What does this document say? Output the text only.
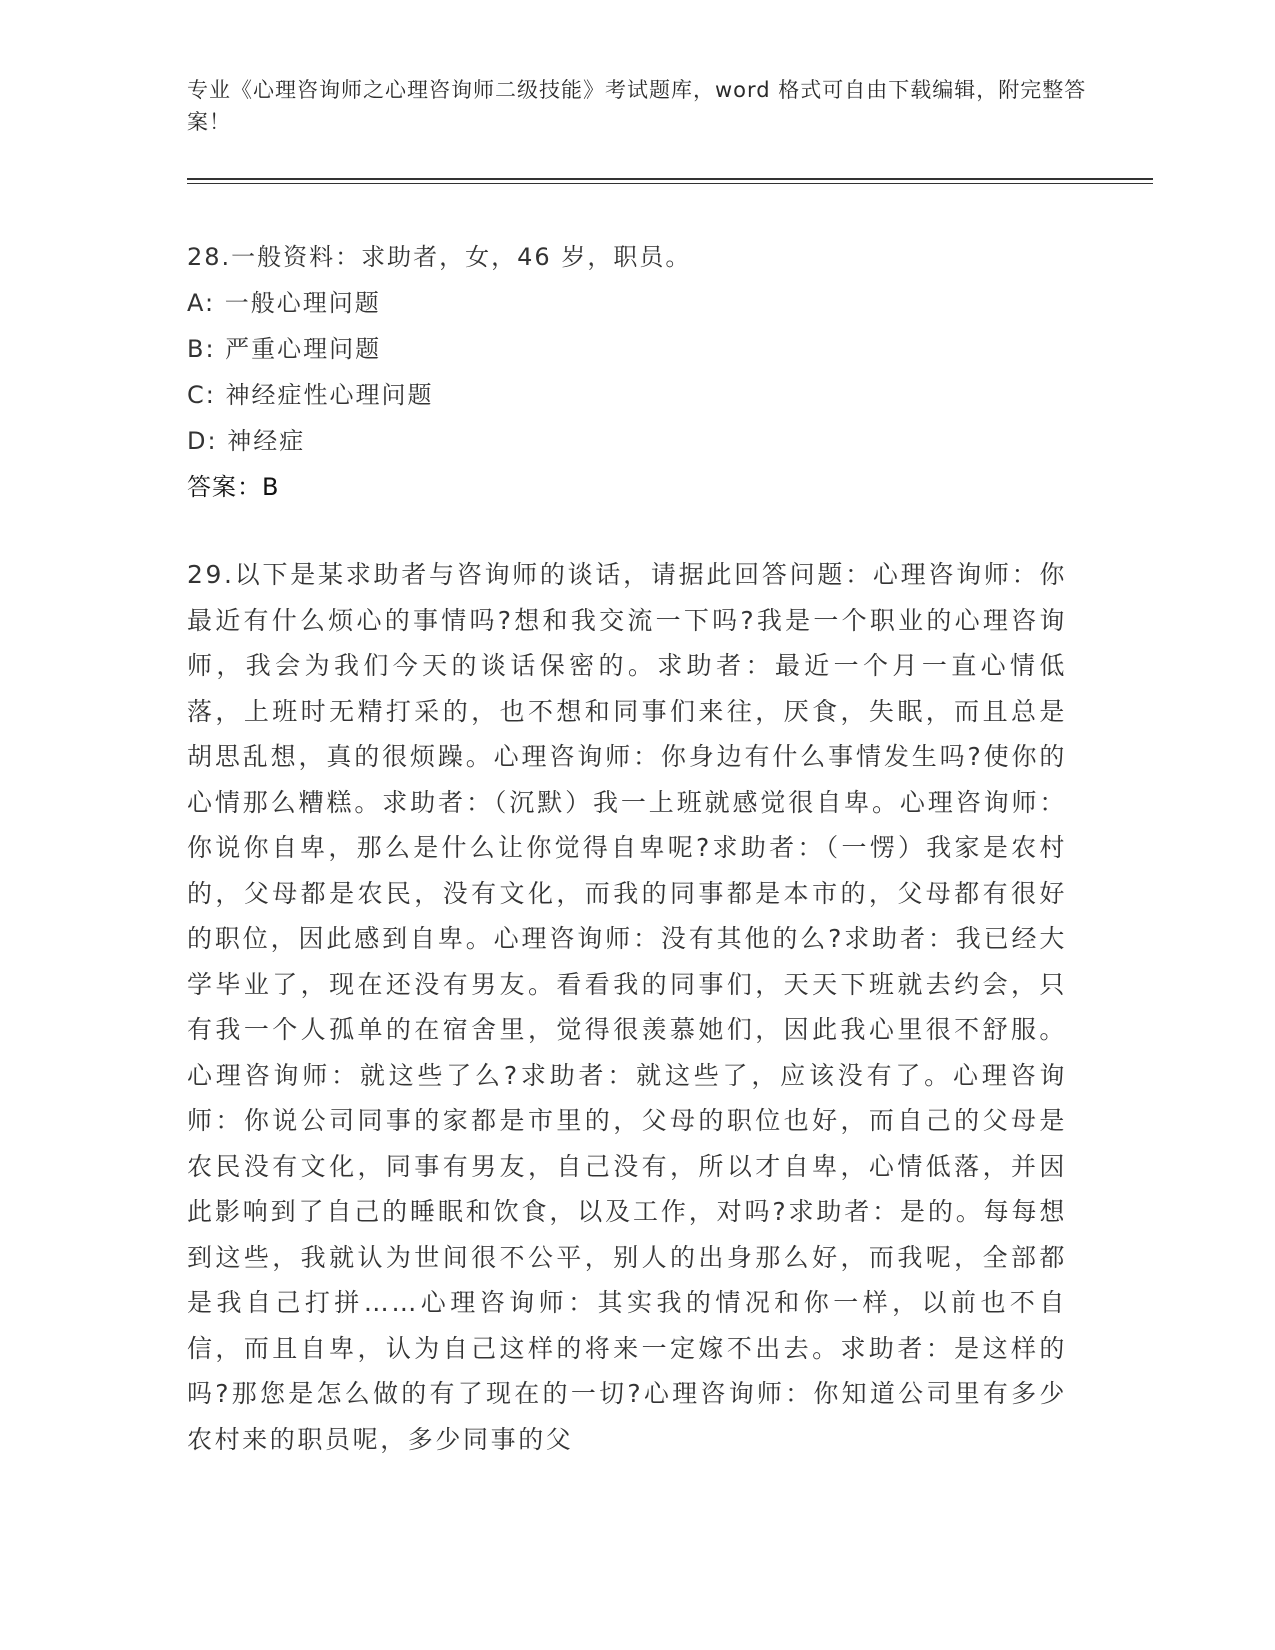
专业《心理咨询师之心理咨询师二级技能》考试题库，word 格式可自由下载编辑，附完整答案！
28.一般资料：求助者，女，46 岁，职员。
A: 一般心理问题
B: 严重心理问题
C: 神经症性心理问题
D: 神经症
答案：B
29.以下是某求助者与咨询师的谈话，请据此回答问题：心理咨询师：你最近有什么烦心的事情吗?想和我交流一下吗?我是一个职业的心理咨询师，我会为我们今天的谈话保密的。求助者：最近一个月一直心情低落，上班时无精打采的，也不想和同事们来往，厌食，失眠，而且总是胡思乱想，真的很烦躁。心理咨询师：你身边有什么事情发生吗?使你的心情那么糟糕。求助者：（沉默）我一上班就感觉很自卑。心理咨询师：你说你自卑，那么是什么让你觉得自卑呢?求助者：（一愣）我家是农村的，父母都是农民，没有文化，而我的同事都是本市的，父母都有很好的职位，因此感到自卑。心理咨询师：没有其他的么?求助者：我已经大学毕业了，现在还没有男友。看看我的同事们，天天下班就去约会，只有我一个人孤单的在宿舍里，觉得很羡慕她们，因此我心里很不舒服。心理咨询师：就这些了么?求助者：就这些了，应该没有了。心理咨询师：你说公司同事的家都是市里的，父母的职位也好，而自己的父母是农民没有文化，同事有男友，自己没有，所以才自卑，心情低落，并因此影响到了自己的睡眠和饮食，以及工作，对吗?求助者：是的。每每想到这些，我就认为世间很不公平，别人的出身那么好，而我呢，全部都是我自己打拼……心理咨询师：其实我的情况和你一样，以前也不自信，而且自卑，认为自己这样的将来一定嫁不出去。求助者：是这样的吗?那您是怎么做的有了现在的一切?心理咨询师：你知道公司里有多少农村来的职员呢，多少同事的父
